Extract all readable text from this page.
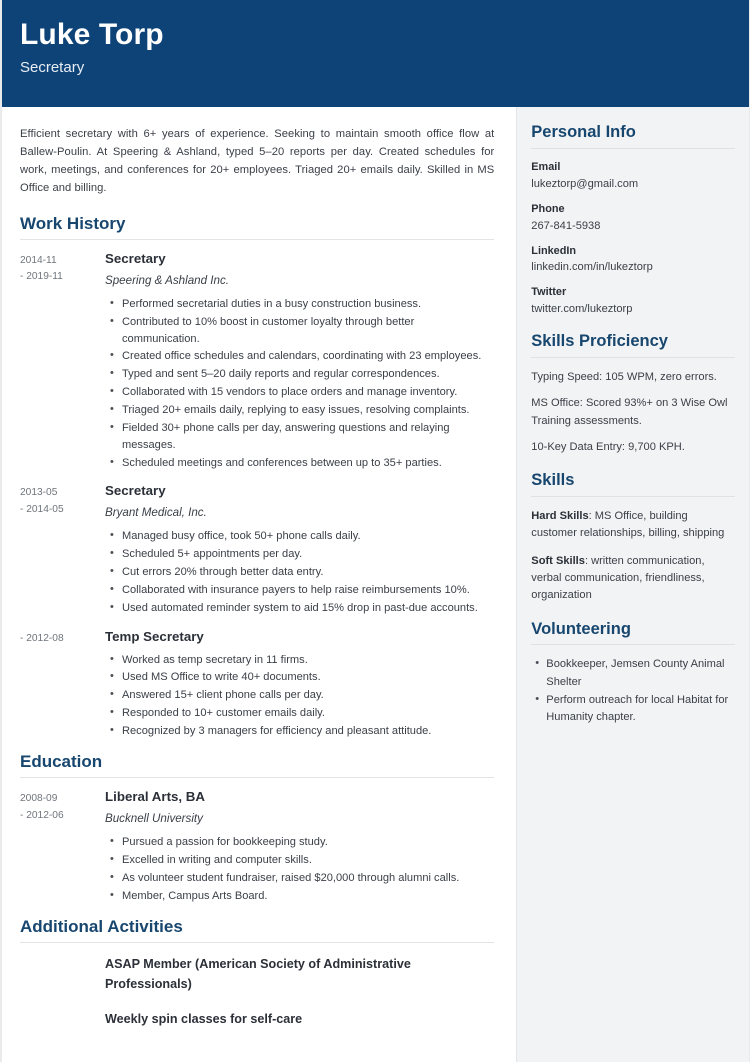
Luke Torp
Secretary

Efficient secretary with 6+ years of experience. Seeking to maintain smooth office flow at Ballew-Poulin. At Speering & Ashland, typed 5–20 reports per day. Created schedules for work, meetings, and conferences for 20+ employees. Triaged 20+ emails daily. Skilled in MS Office and billing.

Work History
2014-11
- 2019-11
Secretary
Speering & Ashland Inc.
• Performed secretarial duties in a busy construction business.
• Contributed to 10% boost in customer loyalty through better communication.
• Created office schedules and calendars, coordinating with 23 employees.
• Typed and sent 5–20 daily reports and regular correspondences.
• Collaborated with 15 vendors to place orders and manage inventory.
• Triaged 20+ emails daily, replying to easy issues, resolving complaints.
• Fielded 30+ phone calls per day, answering questions and relaying messages.
• Scheduled meetings and conferences between up to 35+ parties.
2013-05
- 2014-05
Secretary
Bryant Medical, Inc.
• Managed busy office, took 50+ phone calls daily.
• Scheduled 5+ appointments per day.
• Cut errors 20% through better data entry.
• Collaborated with insurance payers to help raise reimbursements 10%.
• Used automated reminder system to aid 15% drop in past-due accounts.
- 2012-08	Temp Secretary
• Worked as temp secretary in 11 firms.
• Used MS Office to write 40+ documents.
• Answered 15+ client phone calls per day.
• Responded to 10+ customer emails daily.
• Recognized by 3 managers for efficiency and pleasant attitude.
Education
2008-09
- 2012-06
Liberal Arts, BA
Bucknell University
• Pursued a passion for bookkeeping study.
• Excelled in writing and computer skills.
• As volunteer student fundraiser, raised $20,000 through alumni calls.
• Member, Campus Arts Board.
Additional Activities
ASAP Member (American Society of Administrative Professionals)
Weekly spin classes for self-care
Personal Info
Email
lukeztorp@gmail.com
Phone
267-841-5938
LinkedIn
linkedin.com/in/lukeztorp
Twitter
twitter.com/lukeztorp
Skills Proficiency
Typing Speed: 105 WPM, zero errors.
MS Office: Scored 93%+ on 3 Wise Owl Training assessments.
10-Key Data Entry: 9,700 KPH.
Skills
Hard Skills: MS Office, building customer relationships, billing, shipping
Soft Skills: written communication, verbal communication, friendliness, organization
Volunteering
• Bookkeeper, Jemsen County Animal Shelter
• Perform outreach for local Habitat for Humanity chapter.
